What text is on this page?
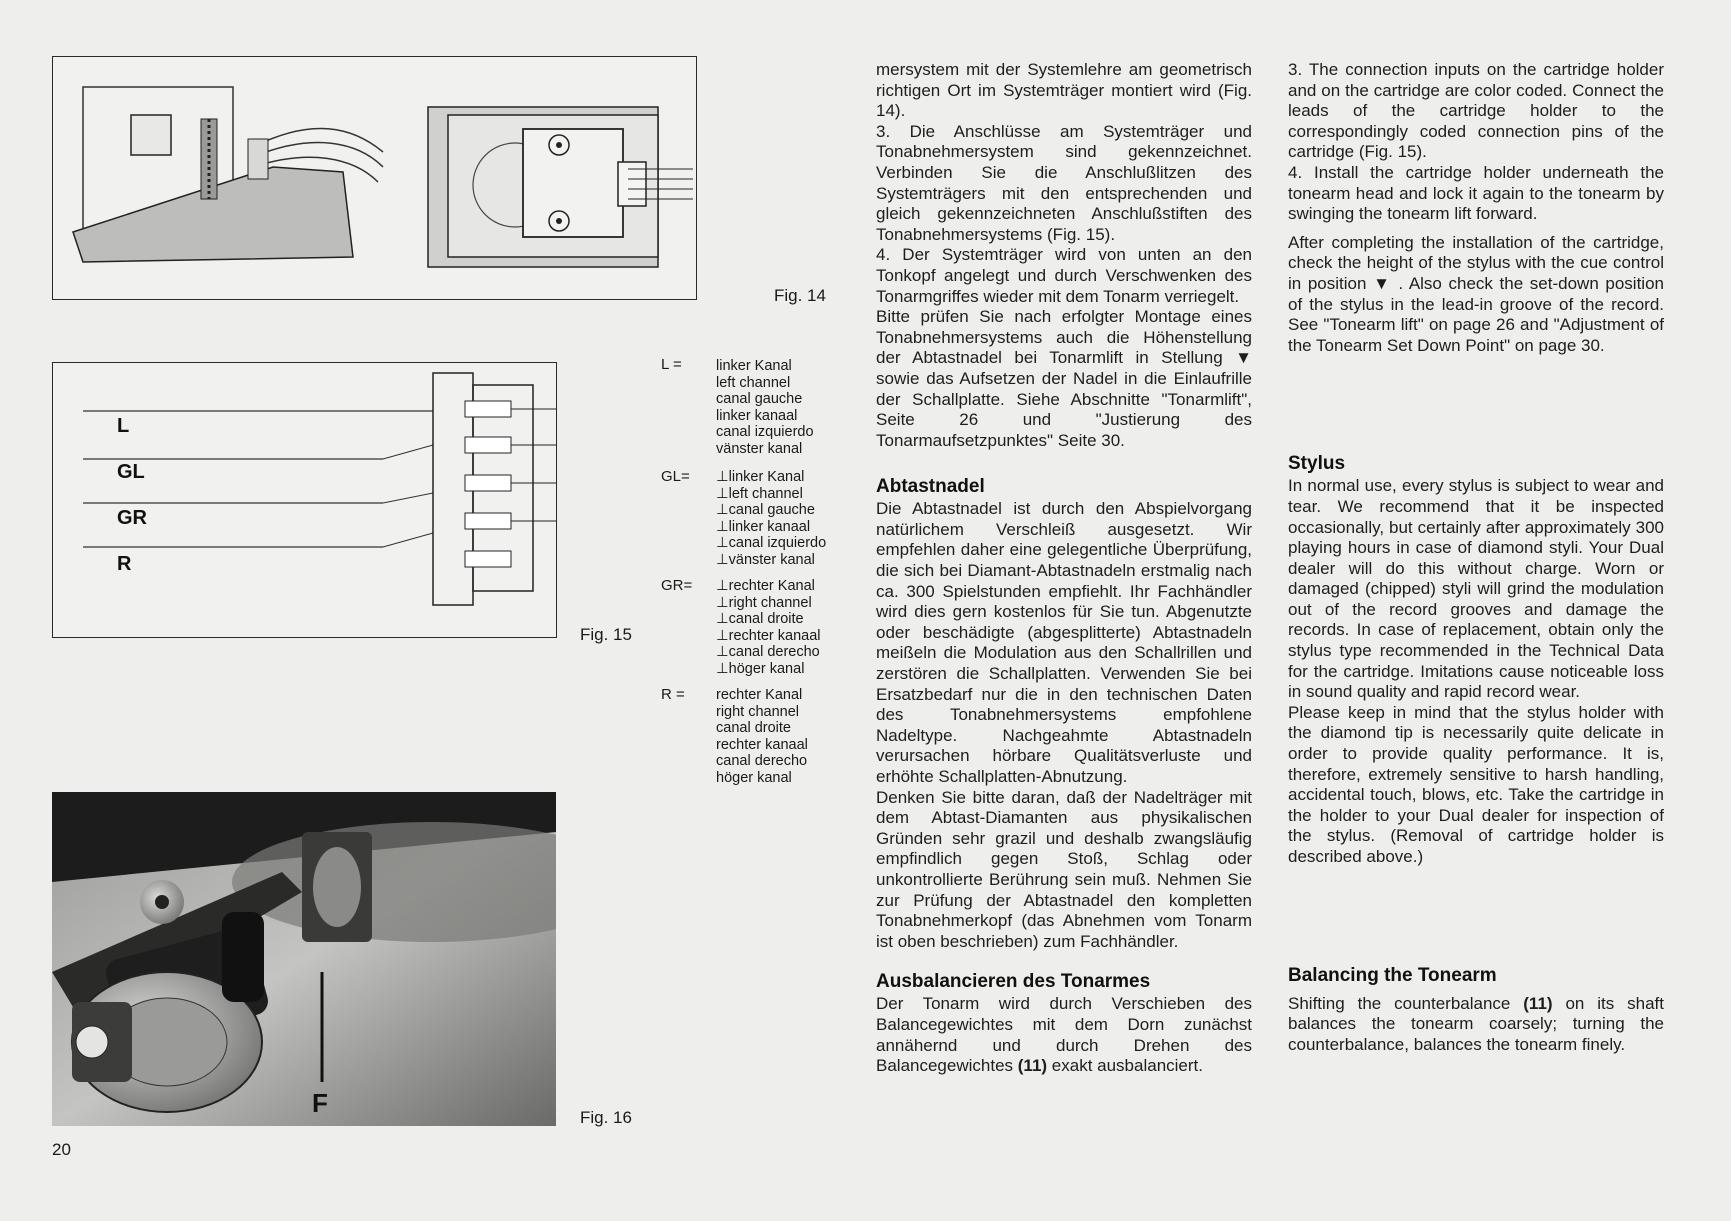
Fig. 14
L
GL
GR
R
Fig. 15
L = linker Kanal
left channel
canal gauche
linker kanaal
canal izquierdo
vänster kanal
GL= ⊥linker Kanal
⊥left channel
⊥canal gauche
⊥linker kanaal
⊥canal izquierdo
⊥vänster kanal
GR= ⊥rechter Kanal
⊥right channel
⊥canal droite
⊥rechter kanaal
⊥canal derecho
⊥höger kanal
R = rechter Kanal
right channel
canal droite
rechter kanaal
canal derecho
höger kanal
F	Fig. 16
20

mersystem mit der Systemlehre am geometrisch richtigen Ort im Systemträger montiert wird (Fig. 14).

3. Die Anschlüsse am Systemträger und Tonabnehmersystem sind gekennzeichnet. Verbinden Sie die Anschlußlitzen des Systemträgers mit den entsprechenden und gleich gekennzeichneten Anschlußstiften des Tonabnehmersystems (Fig. 15).

4. Der Systemträger wird von unten an den Tonkopf angelegt und durch Verschwenken des Tonarmgriffes wieder mit dem Tonarm verriegelt.

Bitte prüfen Sie nach erfolgter Montage eines Tonabnehmersystems auch die Höhenstellung der Abtastnadel bei Tonarmlift in Stellung ▼ sowie das Aufsetzen der Nadel in die Einlaufrille der Schallplatte. Siehe Abschnitte "Tonarmlift", Seite 26 und "Justierung des Tonarmaufsetzpunktes" Seite 30.

Abtastnadel

Die Abtastnadel ist durch den Abspielvorgang natürlichem Verschleiß ausgesetzt. Wir empfehlen daher eine gelegentliche Überprüfung, die sich bei Diamant-Abtastnadeln erstmalig nach ca. 300 Spielstunden empfiehlt. Ihr Fachhändler wird dies gern kostenlos für Sie tun. Abgenutzte oder beschädigte (abgesplitterte) Abtastnadeln meißeln die Modulation aus den Schallrillen und zerstören die Schallplatten. Verwenden Sie bei Ersatzbedarf nur die in den technischen Daten des Tonabnehmersystems empfohlene Nadeltype. Nachgeahmte Abtastnadeln verursachen hörbare Qualitätsverluste und erhöhte Schallplatten-Abnutzung.

Denken Sie bitte daran, daß der Nadelträger mit dem Abtast-Diamanten aus physikalischen Gründen sehr grazil und deshalb zwangsläufig empfindlich gegen Stoß, Schlag oder unkontrollierte Berührung sein muß. Nehmen Sie zur Prüfung der Abtastnadel den kompletten Tonabnehmerkopf (das Abnehmen vom Tonarm ist oben beschrieben) zum Fachhändler.

Ausbalancieren des Tonarmes

Der Tonarm wird durch Verschieben des Balancegewichtes mit dem Dorn zunächst annähernd und durch Drehen des Balancegewichtes (11) exakt ausbalanciert.

3. The connection inputs on the cartridge holder and on the cartridge are color coded. Connect the leads of the cartridge holder to the correspondingly coded connection pins of the cartridge (Fig. 15).

4. Install the cartridge holder underneath the tonearm head and lock it again to the tonearm by swinging the tonearm lift forward.

After completing the installation of the cartridge, check the height of the stylus with the cue control in position ▼ . Also check the set-down position of the stylus in the lead-in groove of the record. See "Tonearm lift" on page 26 and "Adjustment of the Tonearm Set Down Point" on page 30.

Stylus

In normal use, every stylus is subject to wear and tear. We recommend that it be inspected occasionally, but certainly after approximately 300 playing hours in case of diamond styli. Your Dual dealer will do this without charge. Worn or damaged (chipped) styli will grind the modulation out of the record grooves and damage the records. In case of replacement, obtain only the stylus type recommended in the Technical Data for the cartridge. Imitations cause noticeable loss in sound quality and rapid record wear.

Please keep in mind that the stylus holder with the diamond tip is necessarily quite delicate in order to provide quality performance. It is, therefore, extremely sensitive to harsh handling, accidental touch, blows, etc. Take the cartridge in the holder to your Dual dealer for inspection of the stylus. (Removal of cartridge holder is described above.)

Balancing the Tonearm

Shifting the counterbalance (11) on its shaft balances the tonearm coarsely; turning the counterbalance, balances the tonearm finely.
